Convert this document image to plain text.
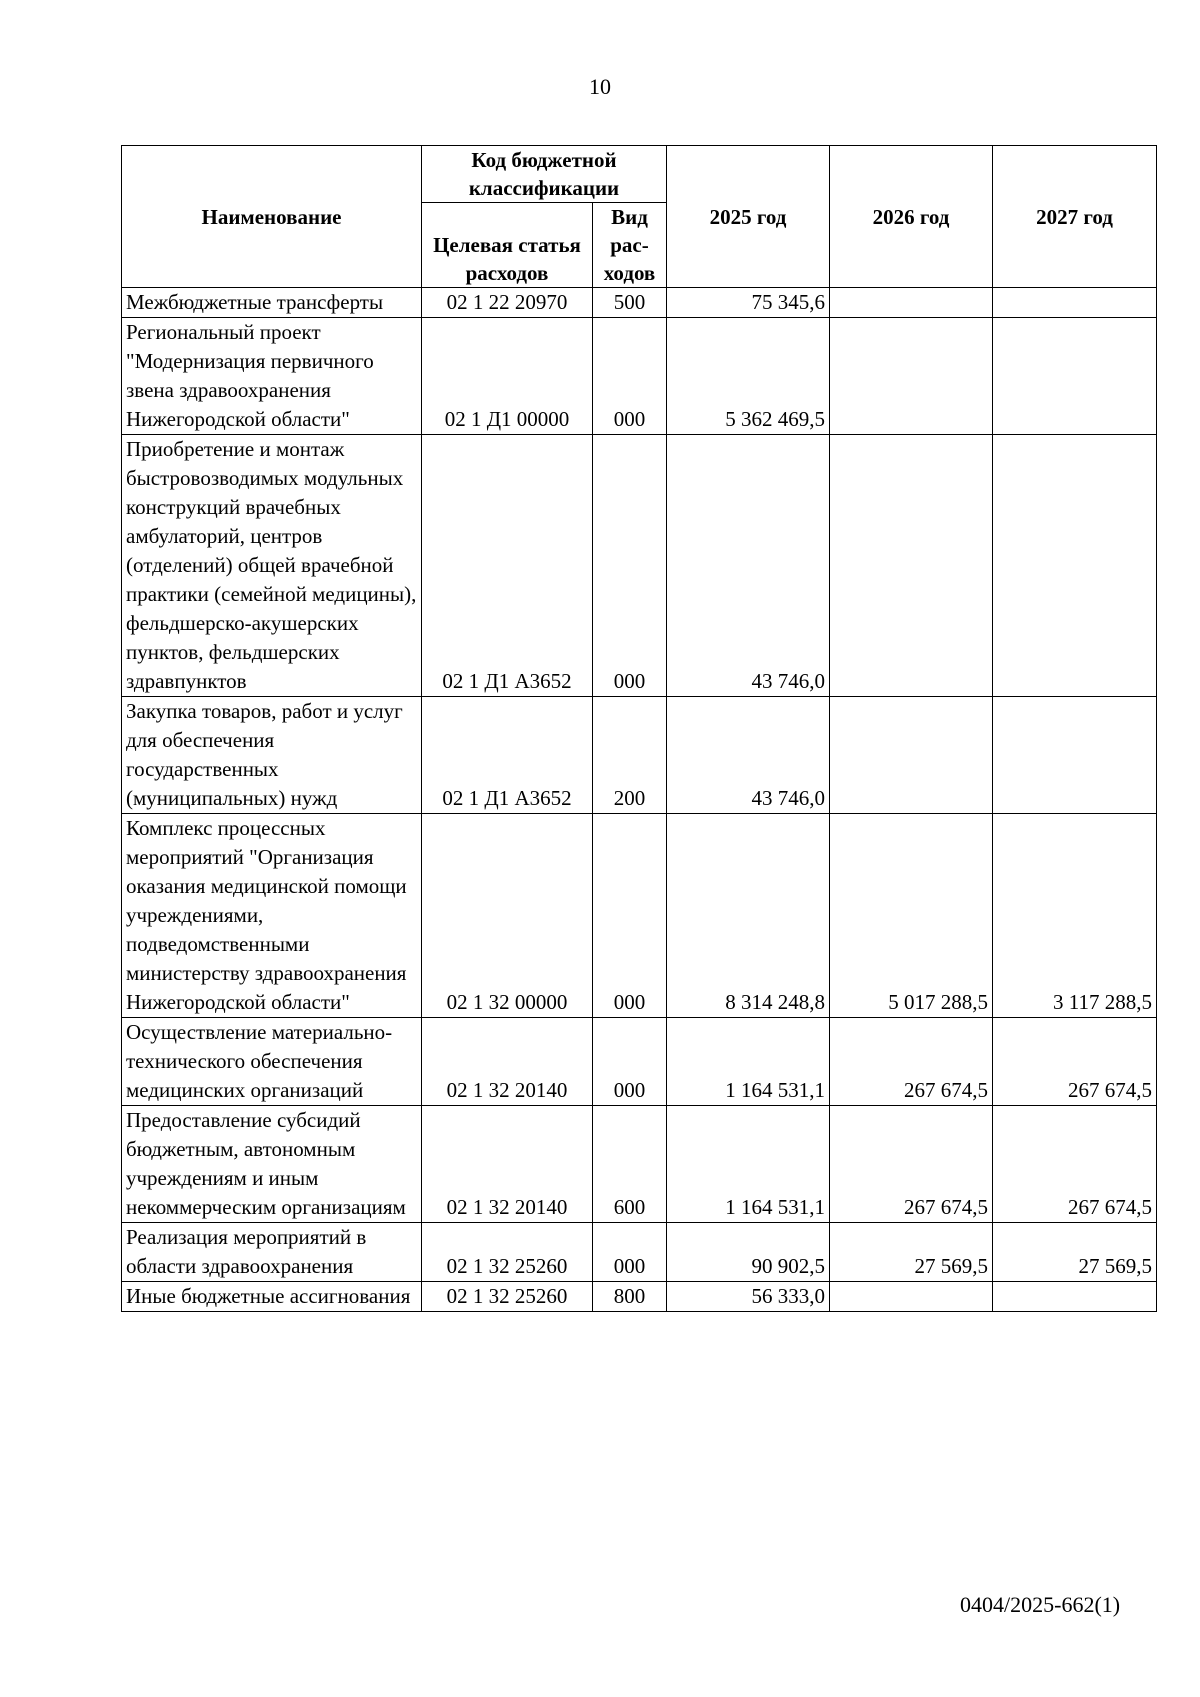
10
Наименование	Код бюджетной классификации		2025 год	2026 год	2027 год
	Целевая статья расходов	Вид рас-ходов			
Межбюджетные трансферты	02 1 22 20970	500	75 345,6		
Региональный проект "Модернизация первичного звена здравоохранения Нижегородской области"	02 1 Д1 00000	000	5 362 469,5		
Приобретение и монтаж быстровозводимых модульных конструкций врачебных амбулаторий, центров (отделений) общей врачебной практики (семейной медицины), фельдшерско-акушерских пунктов, фельдшерских здравпунктов	02 1 Д1 А3652	000	43 746,0		
Закупка товаров, работ и услуг для обеспечения государственных (муниципальных) нужд	02 1 Д1 А3652	200	43 746,0		
Комплекс процессных мероприятий "Организация оказания медицинской помощи учреждениями, подведомственными министерству здравоохранения Нижегородской области"	02 1 32 00000	000	8 314 248,8	5 017 288,5	3 117 288,5
Осуществление материально-технического обеспечения медицинских организаций	02 1 32 20140	000	1 164 531,1	267 674,5	267 674,5
Предоставление субсидий бюджетным, автономным учреждениям и иным некоммерческим организациям	02 1 32 20140	600	1 164 531,1	267 674,5	267 674,5
Реализация мероприятий в области здравоохранения	02 1 32 25260	000	90 902,5	27 569,5	27 569,5
Иные бюджетные ассигнования	02 1 32 25260	800	56 333,0		
0404/2025-662(1)
